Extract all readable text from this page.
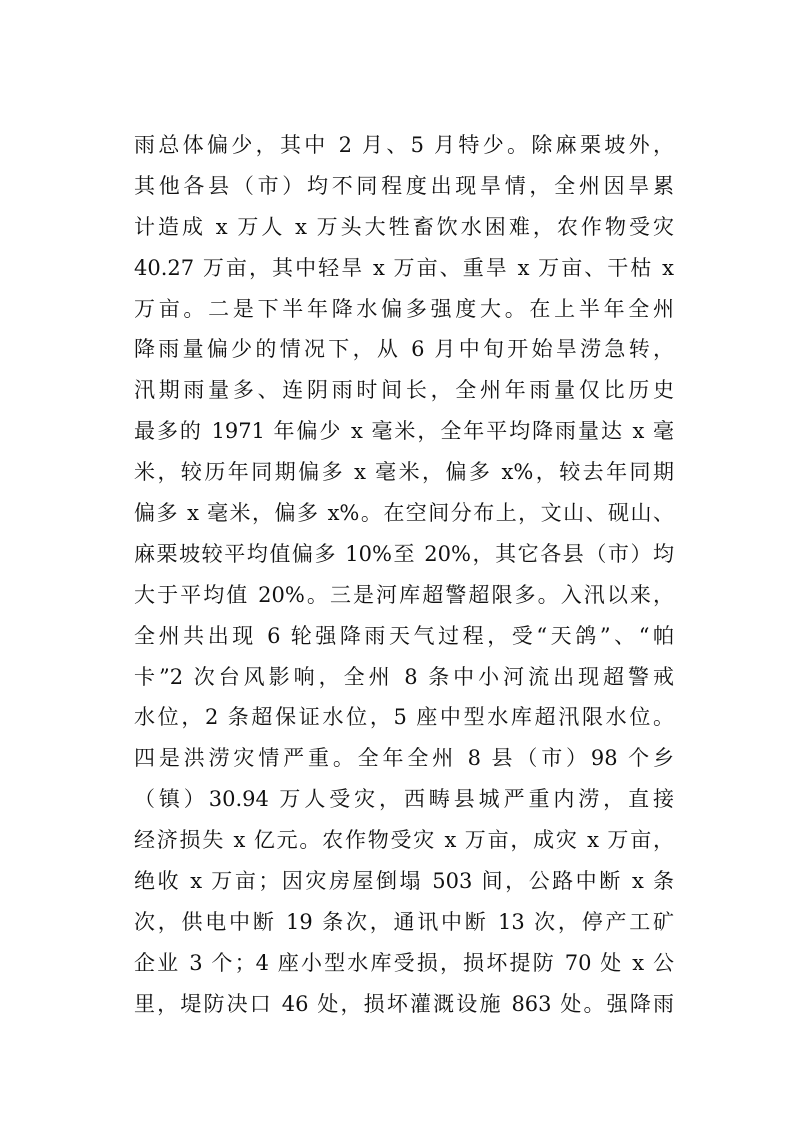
雨总体偏少，其中 2 月、5 月特少。除麻栗坡外，
其他各县（市）均不同程度出现旱情，全州因旱累
计造成 x 万人 x 万头大牲畜饮水困难，农作物受灾
40.27 万亩，其中轻旱 x 万亩、重旱 x 万亩、干枯 x
万亩。二是下半年降水偏多强度大。在上半年全州
降雨量偏少的情况下，从 6 月中旬开始旱涝急转，
汛期雨量多、连阴雨时间长，全州年雨量仅比历史
最多的 1971 年偏少 x 毫米，全年平均降雨量达 x 毫
米，较历年同期偏多 x 毫米，偏多 x%，较去年同期
偏多 x 毫米，偏多 x%。在空间分布上，文山、砚山、
麻栗坡较平均值偏多 10%至 20%，其它各县（市）均
大于平均值 20%。三是河库超警超限多。入汛以来，
全州共出现 6 轮强降雨天气过程，受“天鸽”、“帕
卡”2 次台风影响，全州 8 条中小河流出现超警戒
水位，2 条超保证水位，5 座中型水库超汛限水位。
四是洪涝灾情严重。全年全州 8 县（市）98 个乡
（镇）30.94 万人受灾，西畴县城严重内涝，直接
经济损失 x 亿元。农作物受灾 x 万亩，成灾 x 万亩，
绝收 x 万亩；因灾房屋倒塌 503 间，公路中断 x 条
次，供电中断 19 条次，通讯中断 13 次，停产工矿
企业 3 个；4 座小型水库受损，损坏提防 70 处 x 公
里，堤防决口 46 处，损坏灌溉设施 863 处。强降雨
